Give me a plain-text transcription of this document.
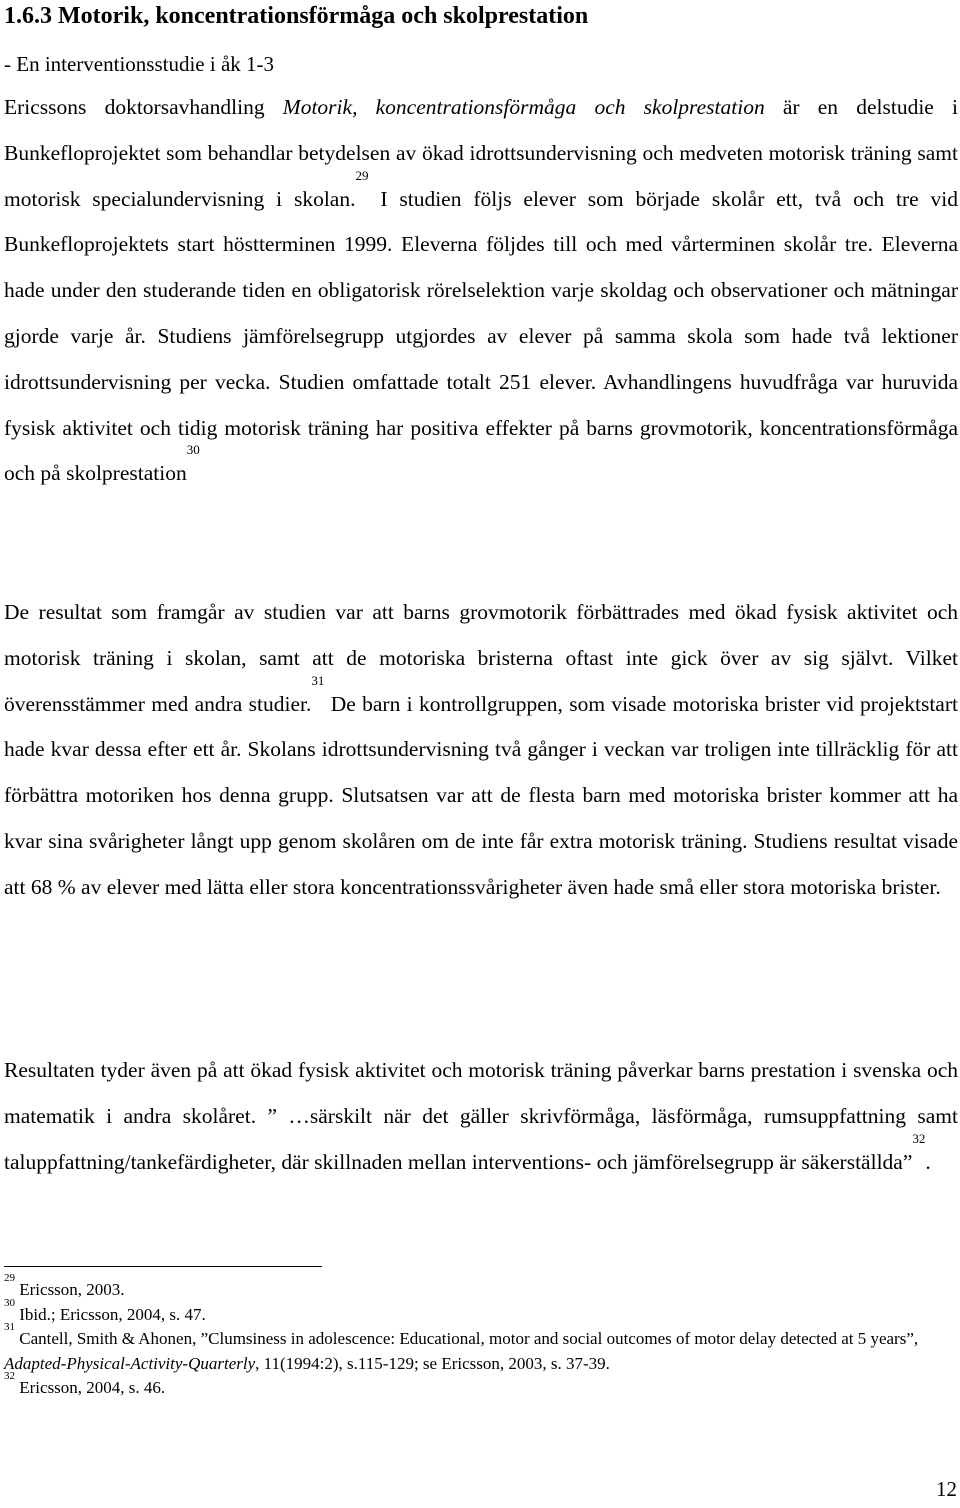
1.6.3 Motorik, koncentrationsförmåga och skolprestation
- En interventionsstudie i åk 1-3

Ericssons doktorsavhandling Motorik, koncentrationsförmåga och skolprestation är en delstudie i Bunkefloprojektet som behandlar betydelsen av ökad idrottsundervisning och medveten motorisk träning samt motorisk specialundervisning i skolan.$^{29}$ I studien följs elever som började skolår ett, två och tre vid Bunkefloprojektets start höstterminen 1999. Eleverna följdes till och med vårterminen skolår tre. Eleverna hade under den studerande tiden en obligatorisk rörelselektion varje skoldag och observationer och mätningar gjorde varje år. Studiens jämförelsegrupp utgjordes av elever på samma skola som hade två lektioner idrottsundervisning per vecka. Studien omfattade totalt 251 elever. Avhandlingens huvudfråga var huruvida fysisk aktivitet och tidig motorisk träning har positiva effekter på barns grovmotorik, koncentrationsförmåga och på skolprestation$^{30}$

De resultat som framgår av studien var att barns grovmotorik förbättrades med ökad fysisk aktivitet och motorisk träning i skolan, samt att de motoriska bristerna oftast inte gick över av sig självt. Vilket överensstämmer med andra studier.$^{31}$ De barn i kontrollgruppen, som visade motoriska brister vid projektstart hade kvar dessa efter ett år. Skolans idrottsundervisning två gånger i veckan var troligen inte tillräcklig för att förbättra motoriken hos denna grupp. Slutsatsen var att de flesta barn med motoriska brister kommer att ha kvar sina svårigheter långt upp genom skolåren om de inte får extra motorisk träning. Studiens resultat visade att 68 % av elever med lätta eller stora koncentrationssvårigheter även hade små eller stora motoriska brister.

Resultaten tyder även på att ökad fysisk aktivitet och motorisk träning påverkar barns prestation i svenska och matematik i andra skolåret. ” …särskilt när det gäller skrivförmåga, läsförmåga, rumsuppfattning samt taluppfattning/tankefärdigheter, där skillnaden mellan interventions- och jämförelsegrupp är säkerställda”$^{32}$.

$^{29}$ Ericsson, 2003.

$^{30}$ Ibid.; Ericsson, 2004, s. 47.

$^{31}$ Cantell, Smith & Ahonen, ”Clumsiness in adolescence: Educational, motor and social outcomes of motor delay detected at 5 years”, Adapted-Physical-Activity-Quarterly, 11(1994:2), s.115-129; se Ericsson, 2003, s. 37-39.

$^{32}$ Ericsson, 2004, s. 46.

12
